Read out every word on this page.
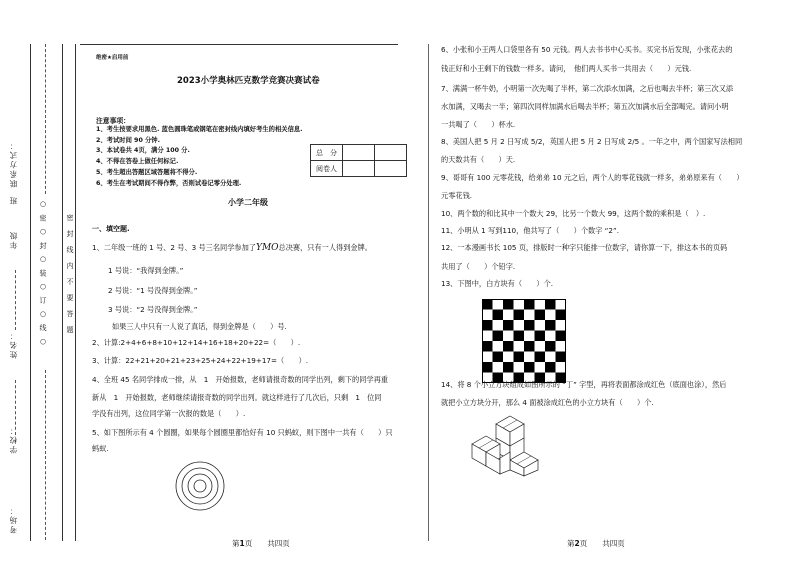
考场：
学校：
姓名：
年级
班
联系方式：
○ 密 ○ 封 ○ 装 ○ 订 ○ 线 ○	密
封
线
内
不
要
答
题
绝密★启用前
2023小学奥林匹克数学竞赛决赛试卷
注意事项：
1、考生按要求用黑色. 蓝色圆珠笔或钢笔在密封线内填好考生的相关信息.
2、考试时间 90 分钟.
3、本试卷共 4页，满分 100 分.
4、不得在答卷上做任何标记.
5、考生超出答题区域答题将不得分.
6、考生在考试期间不得作弊，否则试卷记零分处理.
总　分		
阅卷人		
小学二年级
一、填空题.
1、二年级一班的 1 号、2 号、3 号三名同学参加了YMO总决赛，只有一人得到金牌。
1 号说：“我得到金牌。”
2 号说：“1 号没得到金牌。”
3 号说：“2 号没得到金牌。”
如果三人中只有一人说了真话，得到金牌是（　　）号.
2、计算:2+4+6+8+10+12+14+16+18+20+22=（　　）.
3、计算：22+21+20+21+23+25+24+22+19+17=（　　）.
4、全班 45 名同学排成一排，从　1　开始报数，老师请报奇数的同学出列，剩下的同学再重
新从　1　开始报数，老师继续请报奇数的同学出列。就这样进行了几次后，只剩　1　位同
学没有出列，这位同学第一次报的数是（　　）.
5、如下图所示有 4 个圆圈，如果每个圆圈里都恰好有 10 只蚂蚁，则下图中一共有（　　）只
蚂蚁.
第1页　　 共四页
6、小张和小王两人口袋里各有 50 元钱。两人去书书中心买书。买完书后发现，小张花去的
钱正好和小王剩下的钱数一样多。请问，　他们两人买书一共用去（　　）元钱.
7、满满一杯牛奶，小明第一次先喝了半杯，第二次添水加满，之后也喝去半杯；第三次又添
水加满，又喝去一半；第四次同样加满水后喝去半杯；第五次加满水后全部喝完。请问小明
一共喝了（　　）杯水.
8、美国人把 5 月 2 日写成 5/2，英国人把 5 月 2 日写成 2/5 。一年之中，两个国家写法相同
的天数共有（　　）天.
9、哥哥有 100 元零花钱，给弟弟 10 元之后，两个人的零花钱就一样多，弟弟原来有（　　）
元零花钱.
10、两个数的和比其中一个数大 29，比另一个数大 99，这两个数的乘积是（　）.
11、小明从 1 写到110，他共写了（　　）个数字 “2”.
12、一本漫画书长 105 页，排版时一种字只能排一位数字，请你算一下，排这本书的页码
共用了（　　）个铅字.
13、下图中，白方块有（　　）个.
14、将 8 个小立方块组成如图所示的 “丁” 字型，再将表面都涂成红色（底面也涂），然后
就把小立方块分开，那么 4 面被涂成红色的小立方块有（　　）个.
第2页　　 共四页
